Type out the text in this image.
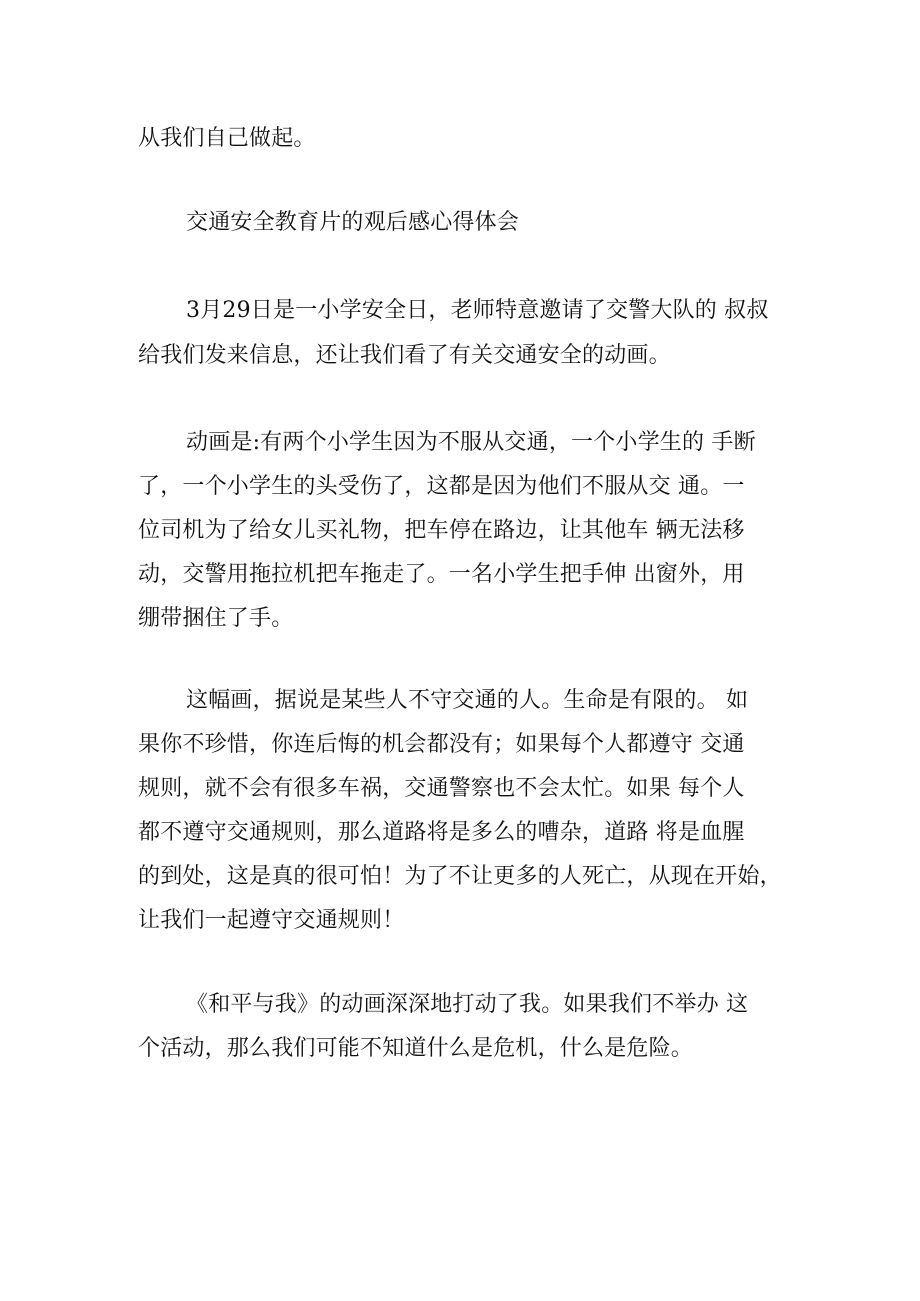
从我们自己做起。
交通安全教育片的观后感心得体会
3月29日是一小学安全日，老师特意邀请了交警大队的 叔叔
给我们发来信息，还让我们看了有关交通安全的动画。
动画是:有两个小学生因为不服从交通，一个小学生的 手断
了，一个小学生的头受伤了，这都是因为他们不服从交 通。一
位司机为了给女儿买礼物，把车停在路边，让其他车 辆无法移
动，交警用拖拉机把车拖走了。一名小学生把手伸 出窗外，用
绷带捆住了手。
这幅画，据说是某些人不守交通的人。生命是有限的。 如
果你不珍惜，你连后悔的机会都没有；如果每个人都遵守 交通
规则，就不会有很多车祸，交通警察也不会太忙。如果 每个人
都不遵守交通规则，那么道路将是多么的嘈杂，道路 将是血腥
的到处，这是真的很可怕！为了不让更多的人死亡，从现在开始，
让我们一起遵守交通规则！
《和平与我》的动画深深地打动了我。如果我们不举办 这
个活动，那么我们可能不知道什么是危机，什么是危险。
